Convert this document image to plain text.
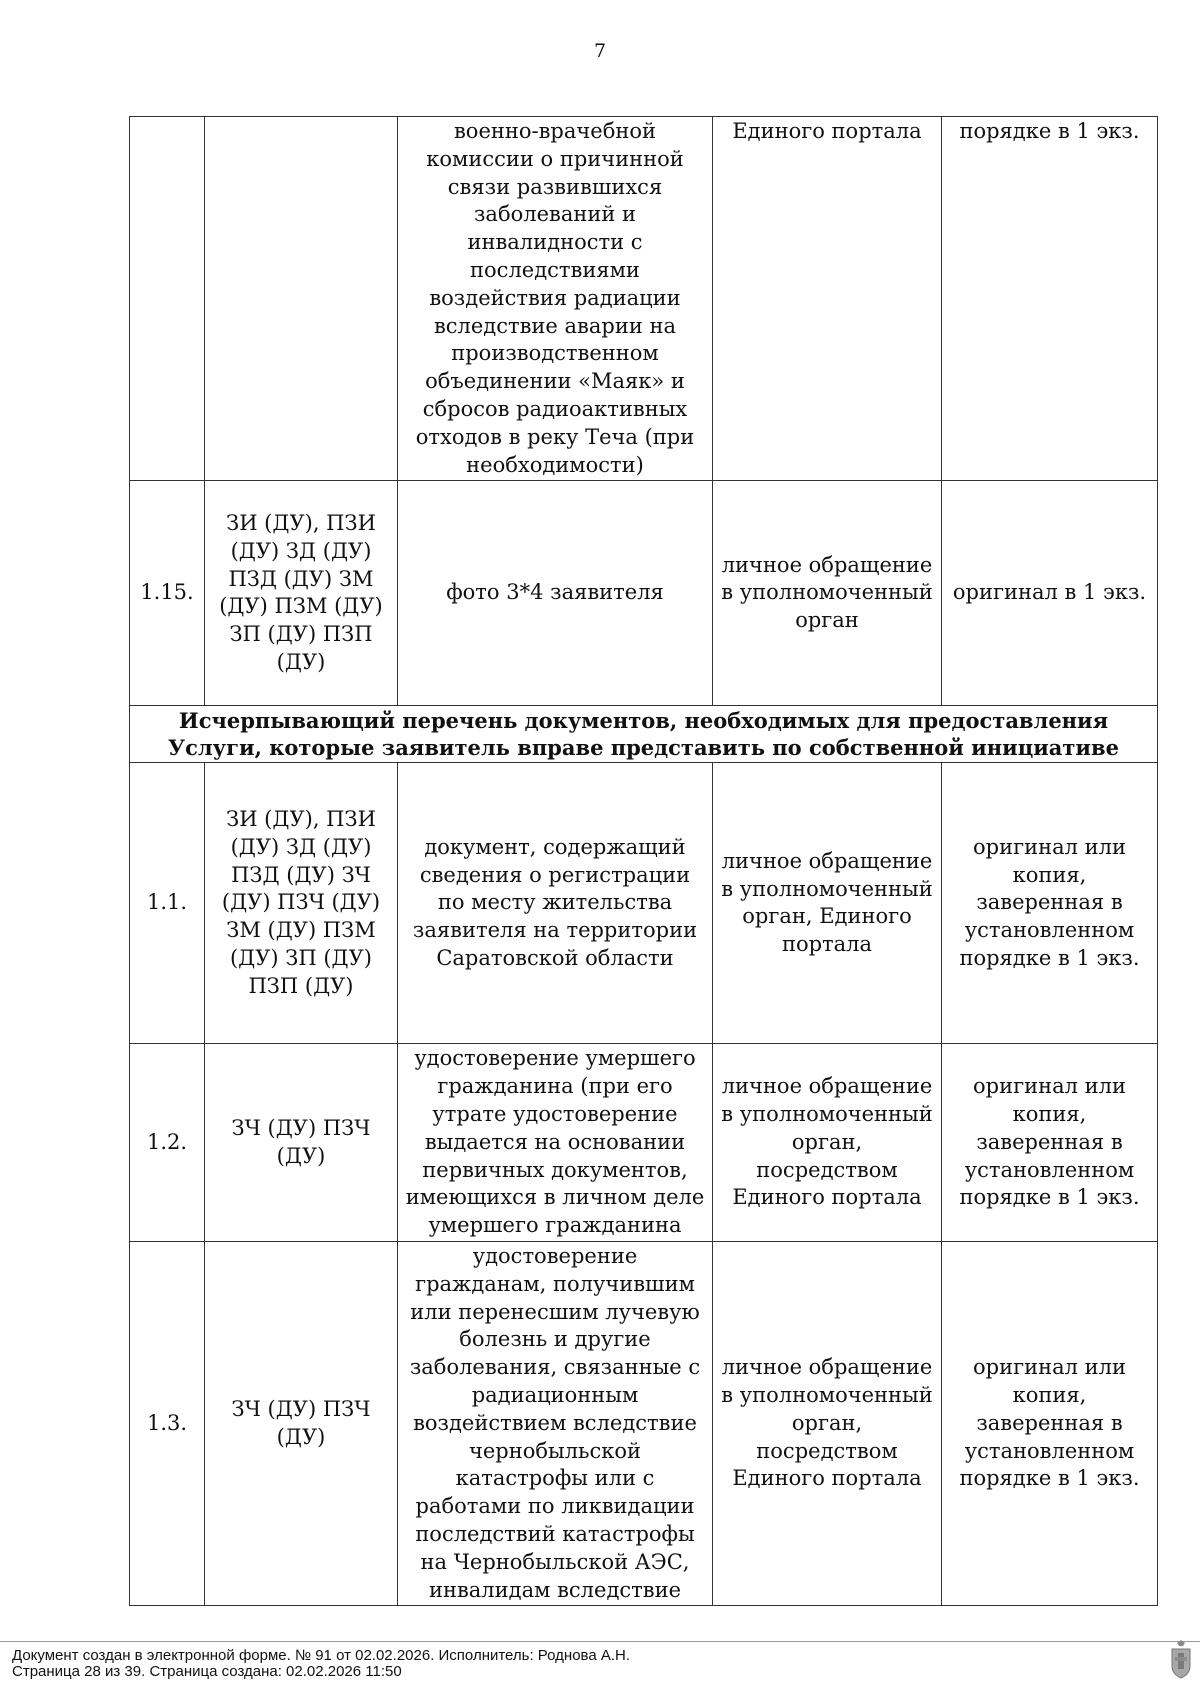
7
		военно-врачебной комиссии о причинной связи развившихся заболеваний и инвалидности с последствиями воздействия радиации вследствие аварии на производственном объединении «Маяк» и сбросов радиоактивных отходов в реку Теча (при необходимости)	Единого портала	порядке в 1 экз.
1.15.	ЗИ (ДУ), ПЗИ (ДУ) ЗД (ДУ) ПЗД (ДУ) ЗМ (ДУ) ПЗМ (ДУ) ЗП (ДУ) ПЗП (ДУ)	фото 3*4 заявителя	личное обращение в уполномоченный орган	оригинал в 1 экз.
Исчерпывающий перечень документов, необходимых для предоставления Услуги, которые заявитель вправе представить по собственной инициативе				
1.1.	ЗИ (ДУ), ПЗИ (ДУ) ЗД (ДУ) ПЗД (ДУ) ЗЧ (ДУ) ПЗЧ (ДУ) ЗМ (ДУ) ПЗМ (ДУ) ЗП (ДУ) ПЗП (ДУ)	документ, содержащий сведения о регистрации по месту жительства заявителя на территории Саратовской области	личное обращение в уполномоченный орган, Единого портала	оригинал или копия, заверенная в установленном порядке в 1 экз.
1.2.	ЗЧ (ДУ) ПЗЧ (ДУ)	удостоверение умершего гражданина (при его утрате удостоверение выдается на основании первичных документов, имеющихся в личном деле умершего гражданина	личное обращение в уполномоченный орган, посредством Единого портала	оригинал или копия, заверенная в установленном порядке в 1 экз.
1.3.	ЗЧ (ДУ) ПЗЧ (ДУ)	удостоверение гражданам, получившим или перенесшим лучевую болезнь и другие заболевания, связанные с радиационным воздействием вследствие чернобыльской катастрофы или с работами по ликвидации последствий катастрофы на Чернобыльской АЭС, инвалидам вследствие	личное обращение в уполномоченный орган, посредством Единого портала	оригинал или копия, заверенная в установленном порядке в 1 экз.
Документ создан в электронной форме. № 91 от 02.02.2026. Исполнитель: Роднова А.Н.
Страница 28 из 39. Страница создана: 02.02.2026 11:50
